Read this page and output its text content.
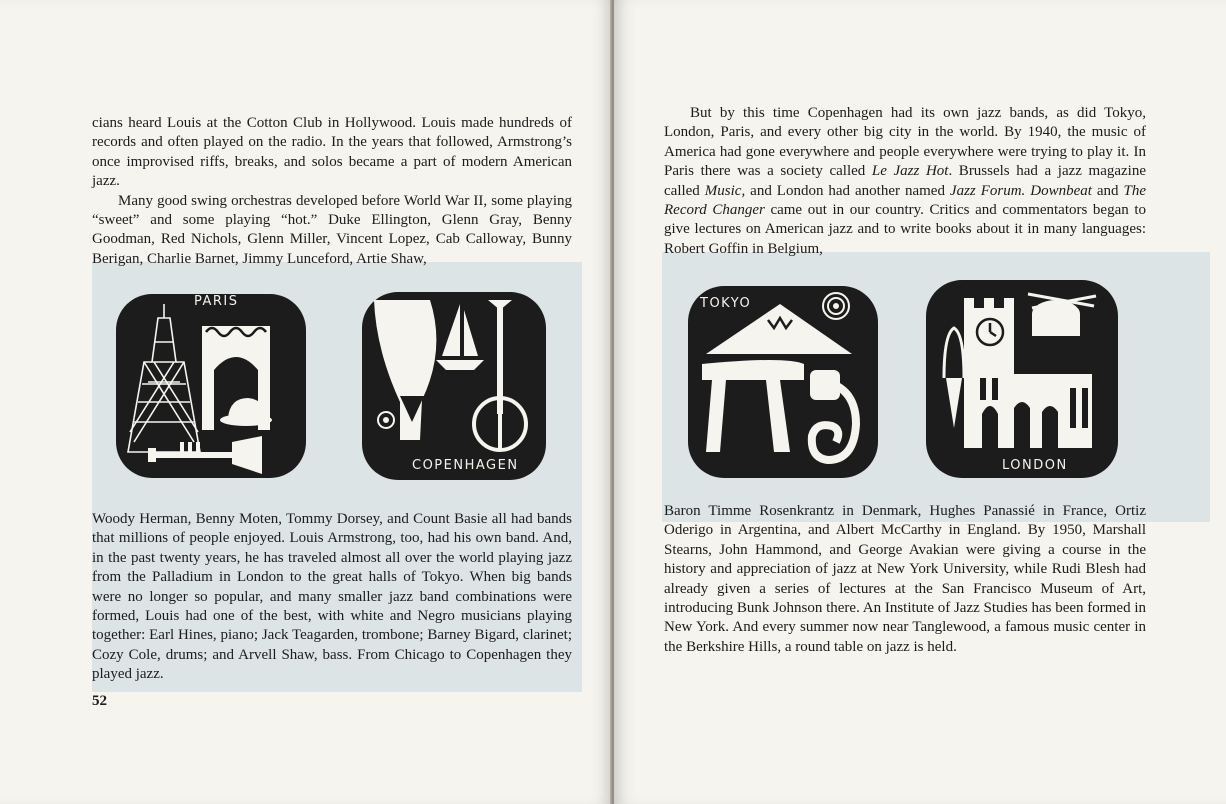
cians heard Louis at the Cotton Club in Hollywood. Louis made hundreds of records and often played on the radio. In the years that followed, Armstrong’s once improvised riffs, breaks, and solos became a part of modern American jazz.

Many good swing orchestras developed before World War II, some playing “sweet” and some playing “hot.” Duke Ellington, Glenn Gray, Benny Goodman, Red Nichols, Glenn Miller, Vincent Lopez, Cab Calloway, Bunny Berigan, Charlie Barnet, Jimmy Lunceford, Artie Shaw,

PARIS
COPENHAGEN

Woody Herman, Benny Moten, Tommy Dorsey, and Count Basie all had bands that millions of people enjoyed. Louis Armstrong, too, had his own band. And, in the past twenty years, he has traveled almost all over the world playing jazz from the Palladium in London to the great halls of Tokyo. When big bands were no longer so popular, and many smaller jazz band combinations were formed, Louis had one of the best, with white and Negro musicians playing together: Earl Hines, piano; Jack Teagarden, trombone; Barney Bigard, clarinet; Cozy Cole, drums; and Arvell Shaw, bass. From Chicago to Copenhagen they played jazz.

52

But by this time Copenhagen had its own jazz bands, as did Tokyo, London, Paris, and every other big city in the world. By 1940, the music of America had gone everywhere and people everywhere were trying to play it. In Paris there was a society called Le Jazz Hot. Brussels had a jazz magazine called Music, and London had another named Jazz Forum. Downbeat and The Record Changer came out in our country. Critics and commentators began to give lectures on American jazz and to write books about it in many languages: Robert Goffin in Belgium,

TOKYO
LONDON

Baron Timme Rosenkrantz in Denmark, Hughes Panassié in France, Ortiz Oderigo in Argentina, and Albert McCarthy in England. By 1950, Marshall Stearns, John Hammond, and George Avakian were giving a course in the history and appreciation of jazz at New York University, while Rudi Blesh had already given a series of lectures at the San Francisco Museum of Art, introducing Bunk Johnson there. An Institute of Jazz Studies has been formed in New York. And every summer now near Tanglewood, a famous music center in the Berkshire Hills, a round table on jazz is held.
